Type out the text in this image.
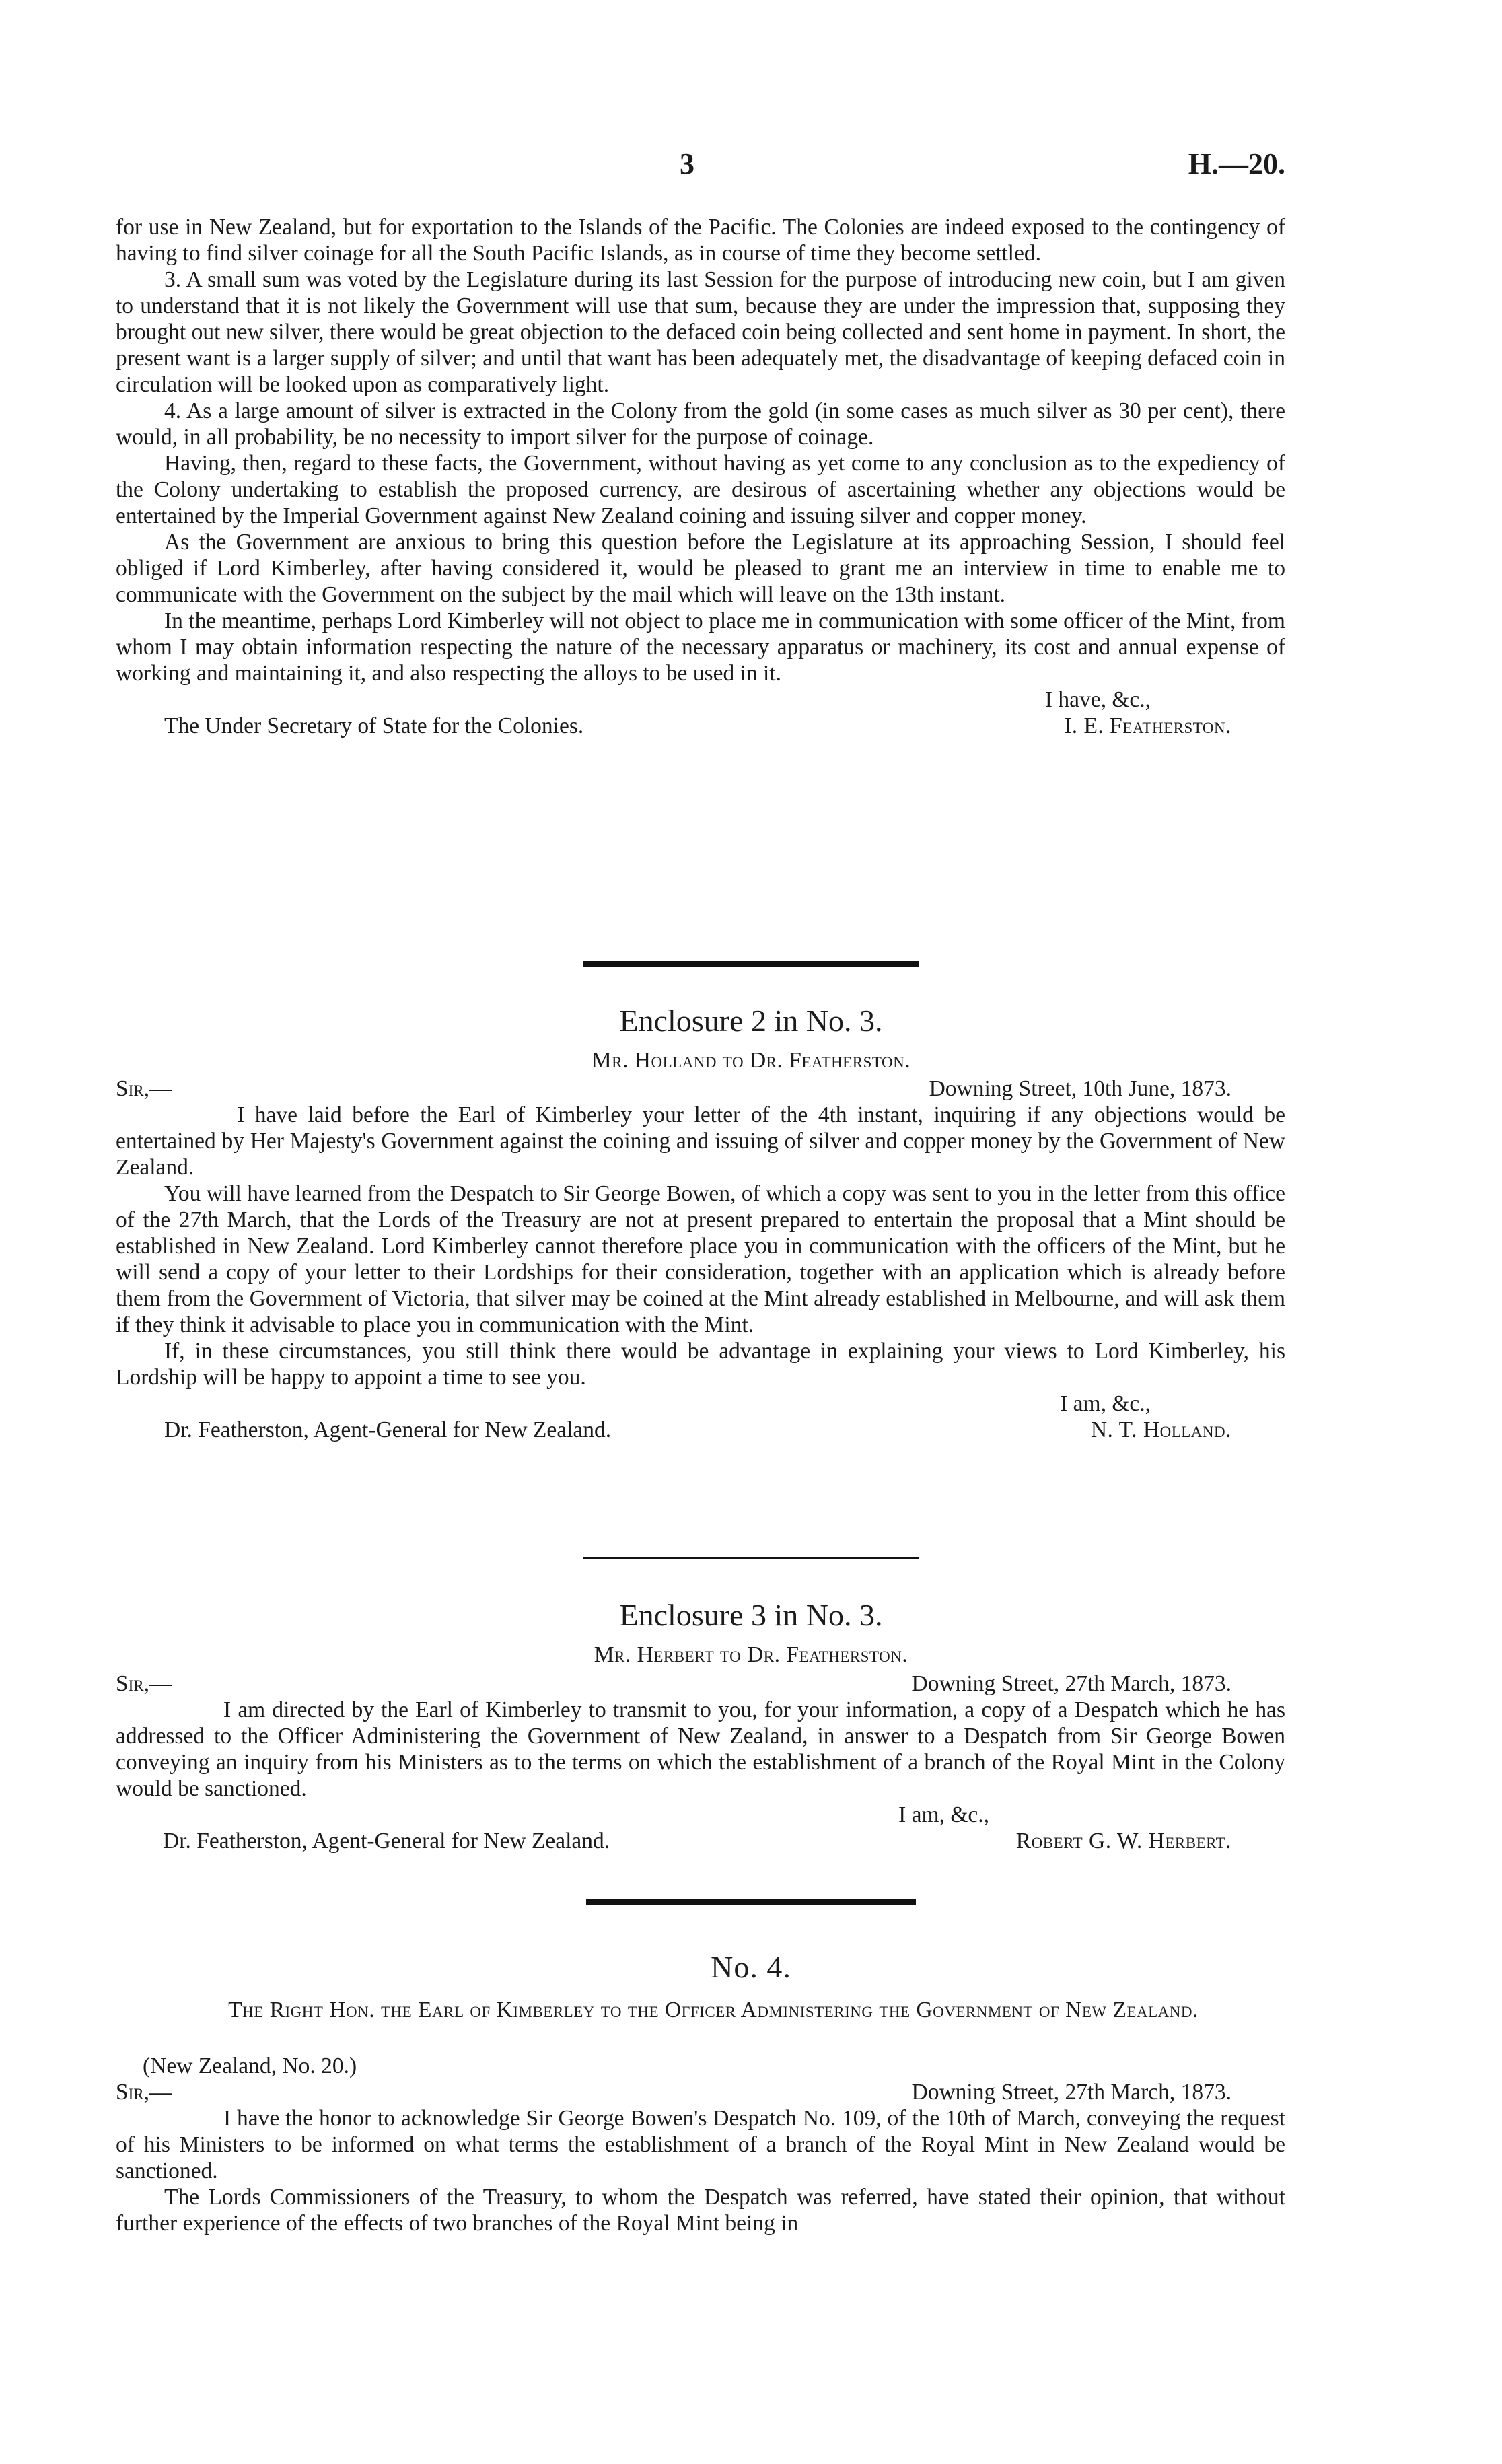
3	H.—20.

for use in New Zealand, but for exportation to the Islands of the Pacific. The Colonies are indeed exposed to the contingency of having to find silver coinage for all the South Pacific Islands, as in course of time they become settled.

3. A small sum was voted by the Legislature during its last Session for the purpose of introducing new coin, but I am given to understand that it is not likely the Government will use that sum, because they are under the impression that, supposing they brought out new silver, there would be great objection to the defaced coin being collected and sent home in payment. In short, the present want is a larger supply of silver; and until that want has been adequately met, the disadvantage of keeping defaced coin in circulation will be looked upon as comparatively light.

4. As a large amount of silver is extracted in the Colony from the gold (in some cases as much silver as 30 per cent), there would, in all probability, be no necessity to import silver for the purpose of coinage.

Having, then, regard to these facts, the Government, without having as yet come to any conclusion as to the expediency of the Colony undertaking to establish the proposed currency, are desirous of ascertaining whether any objections would be entertained by the Imperial Government against New Zealand coining and issuing silver and copper money.

As the Government are anxious to bring this question before the Legislature at its approaching Session, I should feel obliged if Lord Kimberley, after having considered it, would be pleased to grant me an interview in time to enable me to communicate with the Government on the subject by the mail which will leave on the 13th instant.

In the meantime, perhaps Lord Kimberley will not object to place me in communication with some officer of the Mint, from whom I may obtain information respecting the nature of the necessary apparatus or machinery, its cost and annual expense of working and maintaining it, and also respecting the alloys to be used in it.

I have, &c.,
The Under Secretary of State for the Colonies.	I. E. Featherston.
Enclosure 2 in No. 3.
Mr. Holland to Dr. Featherston.
Sir,—	Downing Street, 10th June, 1873.

I have laid before the Earl of Kimberley your letter of the 4th instant, inquiring if any objections would be entertained by Her Majesty's Government against the coining and issuing of silver and copper money by the Government of New Zealand.

You will have learned from the Despatch to Sir George Bowen, of which a copy was sent to you in the letter from this office of the 27th March, that the Lords of the Treasury are not at present prepared to entertain the proposal that a Mint should be established in New Zealand. Lord Kimberley cannot therefore place you in communication with the officers of the Mint, but he will send a copy of your letter to their Lordships for their consideration, together with an application which is already before them from the Government of Victoria, that silver may be coined at the Mint already established in Melbourne, and will ask them if they think it advisable to place you in communication with the Mint.

If, in these circumstances, you still think there would be advantage in explaining your views to Lord Kimberley, his Lordship will be happy to appoint a time to see you.

I am, &c.,
Dr. Featherston, Agent-General for New Zealand.	N. T. Holland.
Enclosure 3 in No. 3.
Mr. Herbert to Dr. Featherston.
Sir,—	Downing Street, 27th March, 1873.

I am directed by the Earl of Kimberley to transmit to you, for your information, a copy of a Despatch which he has addressed to the Officer Administering the Government of New Zealand, in answer to a Despatch from Sir George Bowen conveying an inquiry from his Ministers as to the terms on which the establishment of a branch of the Royal Mint in the Colony would be sanctioned.

I am, &c.,
Dr. Featherston, Agent-General for New Zealand.	Robert G. W. Herbert.
No. 4.
The Right Hon. the Earl of Kimberley to the Officer Administering the Government of New Zealand.
(New Zealand, No. 20.)
Sir,—	Downing Street, 27th March, 1873.

I have the honor to acknowledge Sir George Bowen's Despatch No. 109, of the 10th of March, conveying the request of his Ministers to be informed on what terms the establishment of a branch of the Royal Mint in New Zealand would be sanctioned.

The Lords Commissioners of the Treasury, to whom the Despatch was referred, have stated their opinion, that without further experience of the effects of two branches of the Royal Mint being in
